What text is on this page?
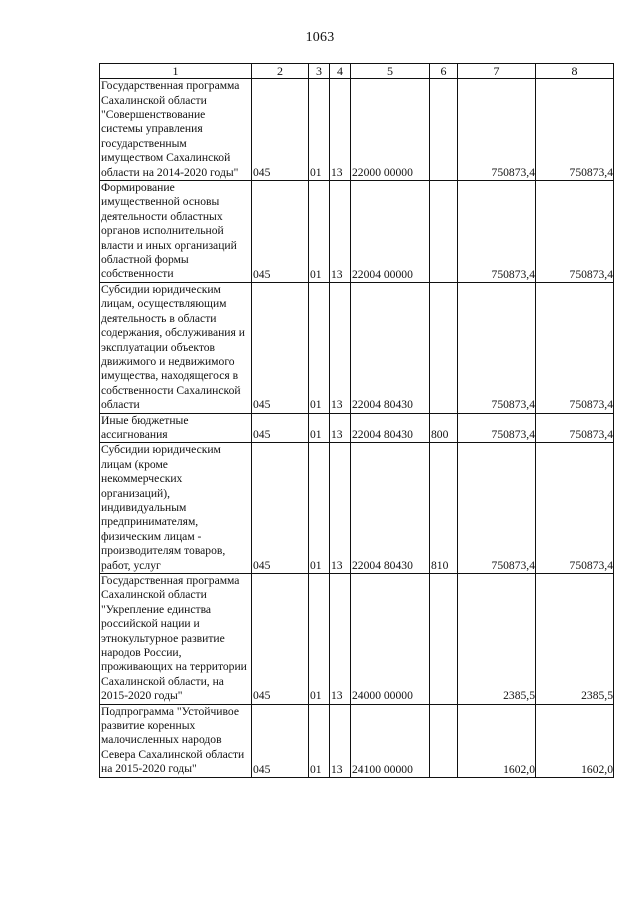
1063
1	2	3	4	5	6	7	8
Государственная программа Сахалинской области "Совершенствование системы управления государственным имуществом Сахалинской области на 2014-2020 годы"	045	01	13	22000 00000		750873,4	750873,4
Формирование имущественной основы деятельности областных органов исполнительной власти и иных организаций областной формы собственности	045	01	13	22004 00000		750873,4	750873,4
Субсидии юридическим лицам, осуществляющим деятельность в области содержания, обслуживания и эксплуатации объектов движимого и недвижимого имущества, находящегося в собственности Сахалинской области	045	01	13	22004 80430		750873,4	750873,4
Иные бюджетные ассигнования	045	01	13	22004 80430	800	750873,4	750873,4
Субсидии юридическим лицам (кроме некоммерческих организаций), индивидуальным предпринимателям, физическим лицам - производителям товаров, работ, услуг	045	01	13	22004 80430	810	750873,4	750873,4
Государственная программа Сахалинской области "Укрепление единства российской нации и этнокультурное развитие народов России, проживающих на территории Сахалинской области, на 2015-2020 годы"	045	01	13	24000 00000		2385,5	2385,5
Подпрограмма "Устойчивое развитие коренных малочисленных народов Севера Сахалинской области на 2015-2020 годы"	045	01	13	24100 00000		1602,0	1602,0
